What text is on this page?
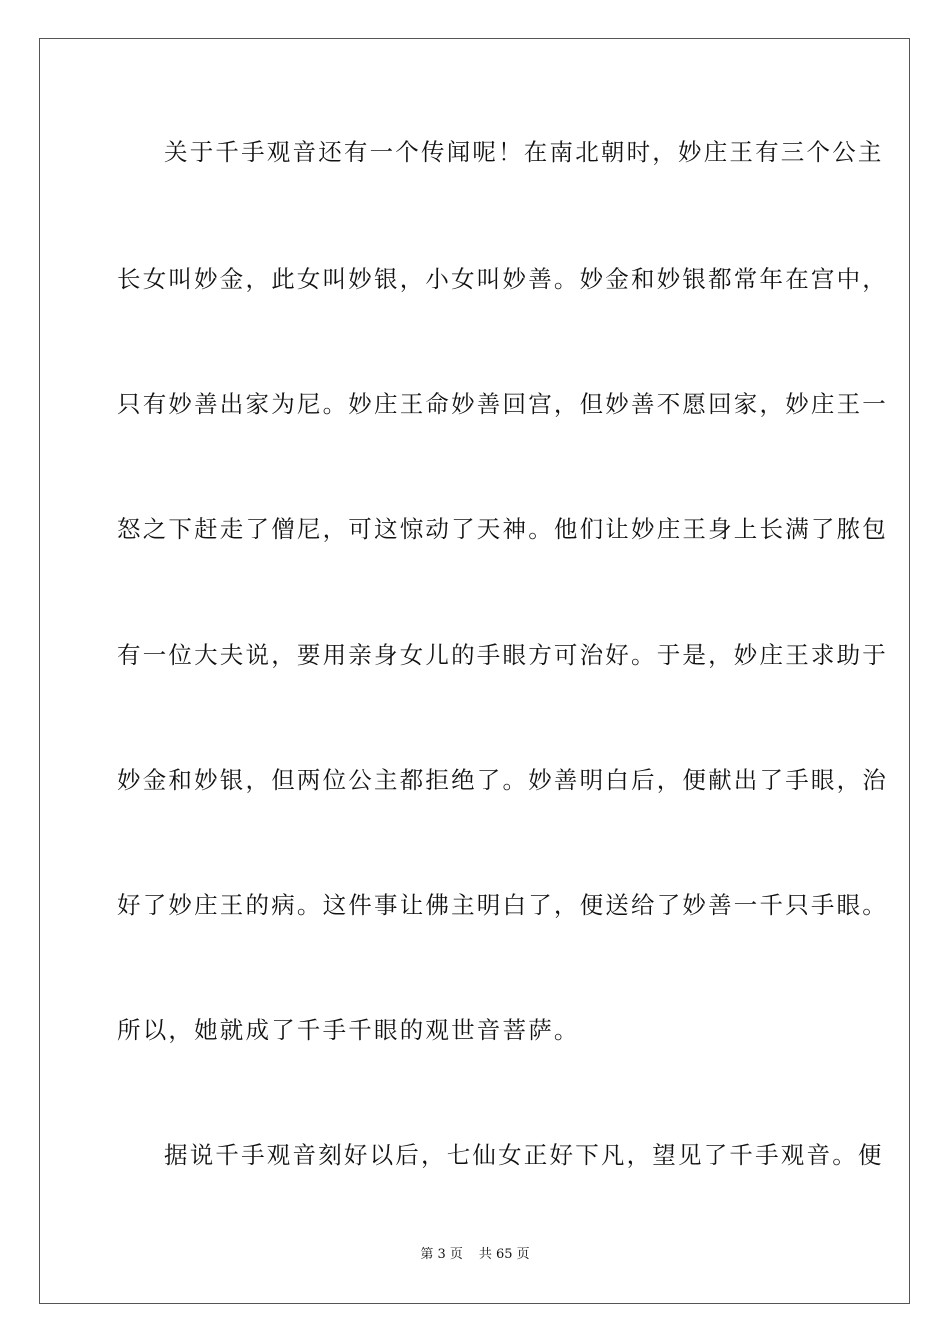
关于千手观音还有一个传闻呢！在南北朝时，妙庄王有三个公主
长女叫妙金，此女叫妙银，小女叫妙善。妙金和妙银都常年在宫中，
只有妙善出家为尼。妙庄王命妙善回宫，但妙善不愿回家，妙庄王一
怒之下赶走了僧尼，可这惊动了天神。他们让妙庄王身上长满了脓包
有一位大夫说，要用亲身女儿的手眼方可治好。于是，妙庄王求助于
妙金和妙银，但两位公主都拒绝了。妙善明白后，便献出了手眼，治
好了妙庄王的病。这件事让佛主明白了，便送给了妙善一千只手眼。
所以，她就成了千手千眼的观世音菩萨。
据说千手观音刻好以后，七仙女正好下凡，望见了千手观音。便
第 3 页 共 65 页
